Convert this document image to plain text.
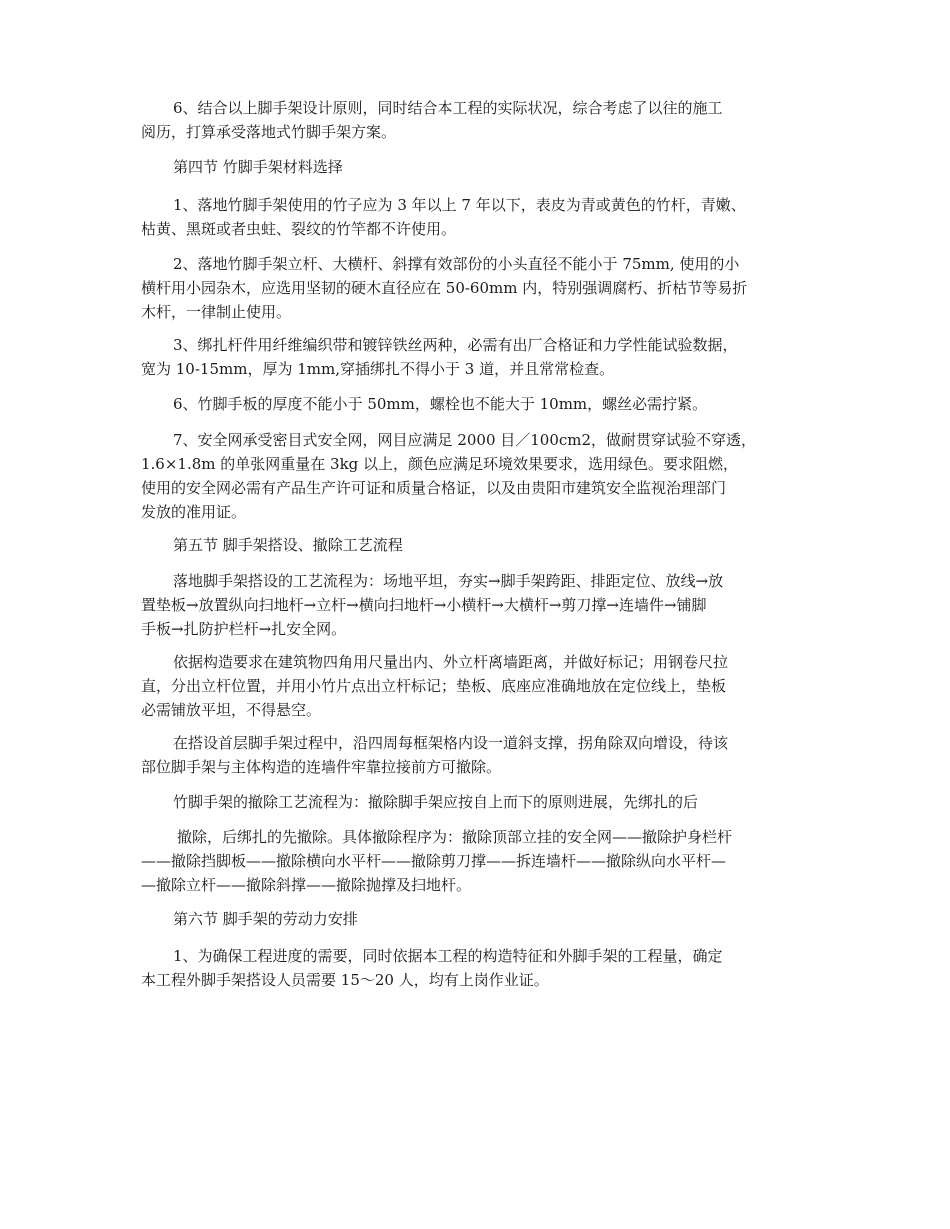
6、结合以上脚手架设计原则，同时结合本工程的实际状况，综合考虑了以往的施工
阅历，打算承受落地式竹脚手架方案。
第四节 竹脚手架材料选择
1、落地竹脚手架使用的竹子应为 3 年以上 7 年以下，表皮为青或黄色的竹杆，青嫩、
枯黄、黑斑或者虫蛀、裂纹的竹竿都不许使用。
2、落地竹脚手架立杆、大横杆、斜撑有效部份的小头直径不能小于 75mm, 使用的小
横杆用小园杂木，应选用坚韧的硬木直径应在 50-60mm 内，特别强调腐朽、折枯节等易折
木杆，一律制止使用。
3、绑扎杆件用纤维编织带和镀锌铁丝两种，必需有出厂合格证和力学性能试验数据，
宽为 10-15mm，厚为 1mm,穿插绑扎不得小于 3 道，并且常常检查。
6、竹脚手板的厚度不能小于 50mm，螺栓也不能大于 10mm，螺丝必需拧紧。
7、安全网承受密目式安全网，网目应满足 2000 目／100cm2，做耐贯穿试验不穿透，
1.6×1.8m 的单张网重量在 3kg 以上，颜色应满足环境效果要求，选用绿色。要求阻燃，
使用的安全网必需有产品生产许可证和质量合格证，以及由贵阳市建筑安全监视治理部门
发放的准用证。
第五节 脚手架搭设、撤除工艺流程
落地脚手架搭设的工艺流程为：场地平坦，夯实→脚手架跨距、排距定位、放线→放
置垫板→放置纵向扫地杆→立杆→横向扫地杆→小横杆→大横杆→剪刀撑→连墙件→铺脚
手板→扎防护栏杆→扎安全网。
依据构造要求在建筑物四角用尺量出内、外立杆离墙距离，并做好标记；用钢卷尺拉
直，分出立杆位置，并用小竹片点出立杆标记；垫板、底座应准确地放在定位线上，垫板
必需铺放平坦，不得悬空。
在搭设首层脚手架过程中，沿四周每框架格内设一道斜支撑，拐角除双向增设，待该
部位脚手架与主体构造的连墙件牢靠拉接前方可撤除。
竹脚手架的撤除工艺流程为：撤除脚手架应按自上而下的原则进展，先绑扎的后
撤除，后绑扎的先撤除。具体撤除程序为：撤除顶部立挂的安全网——撤除护身栏杆
——撤除挡脚板——撤除横向水平杆——撤除剪刀撑——拆连墙杆——撤除纵向水平杆—
—撤除立杆——撤除斜撑——撤除抛撑及扫地杆。
第六节 脚手架的劳动力安排
1、为确保工程进度的需要，同时依据本工程的构造特征和外脚手架的工程量，确定
本工程外脚手架搭设人员需要 15～20 人，均有上岗作业证。
